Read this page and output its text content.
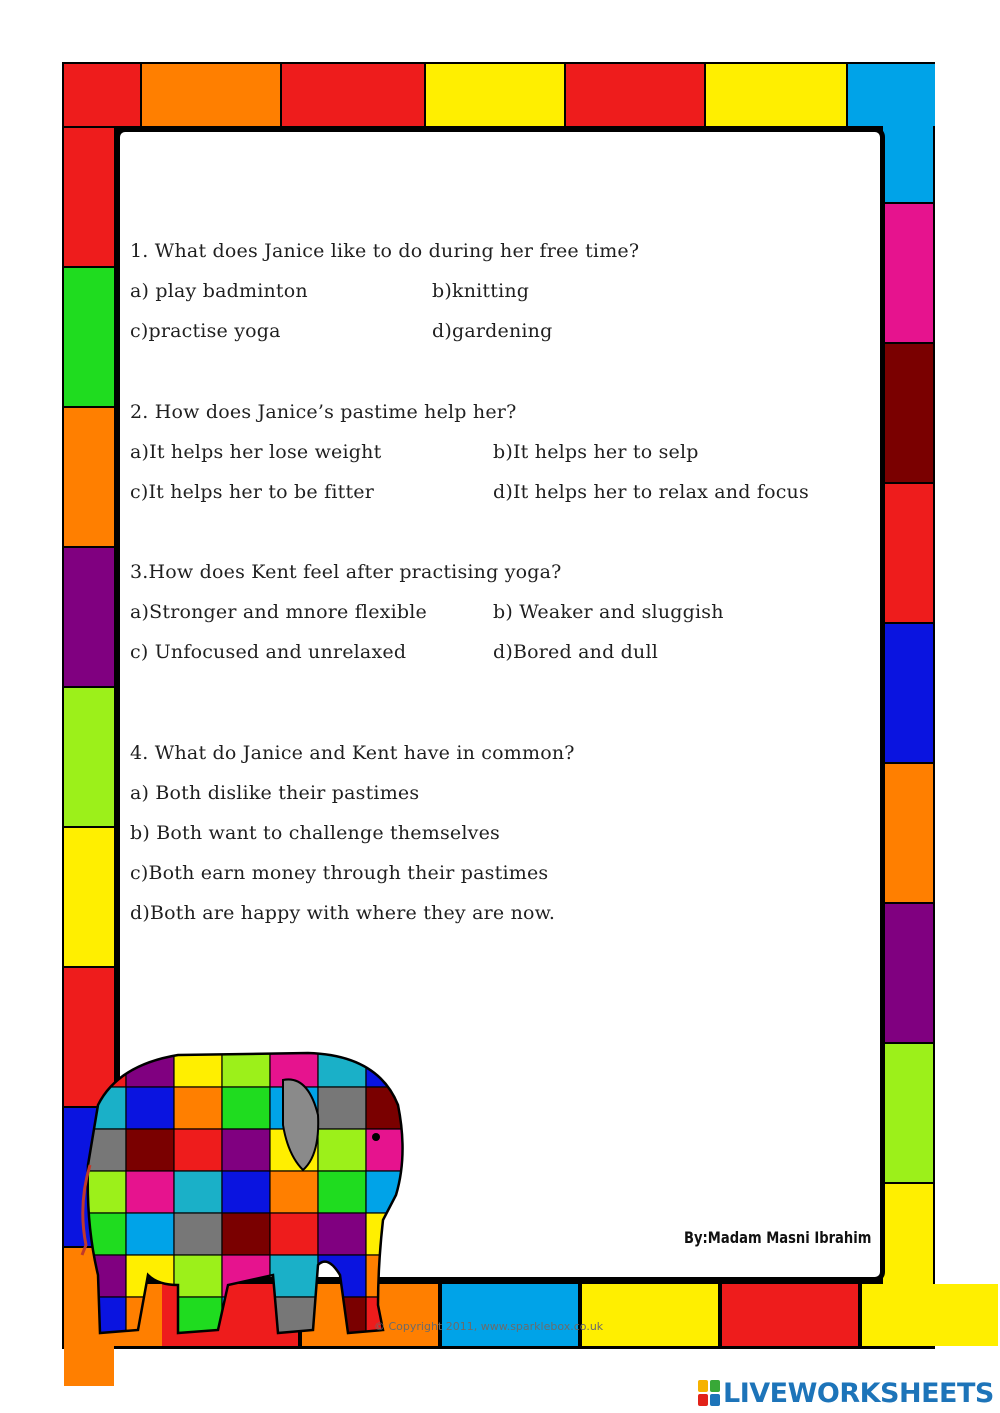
1. What does Janice like to do during her free time?
a) play badminton	b)knitting
c)practise yoga	d)gardening
2. How does Janice’s pastime help her?
a)It helps her lose weight	b)It helps her to selp
c)It helps her to be fitter	d)It helps her to relax and focus
3.How does Kent feel after practising yoga?
a)Stronger and mnore flexible	b) Weaker and sluggish
c) Unfocused and unrelaxed	d)Bored and dull
4. What do Janice and Kent have in common?
a) Both dislike their pastimes
b) Both want to challenge themselves
c)Both earn money through their pastimes
d)Both are happy with where they are now.
By:Madam Masni Ibrahim
© Copyright 2011, www.sparklebox.co.uk
LIVEWORKSHEETS
